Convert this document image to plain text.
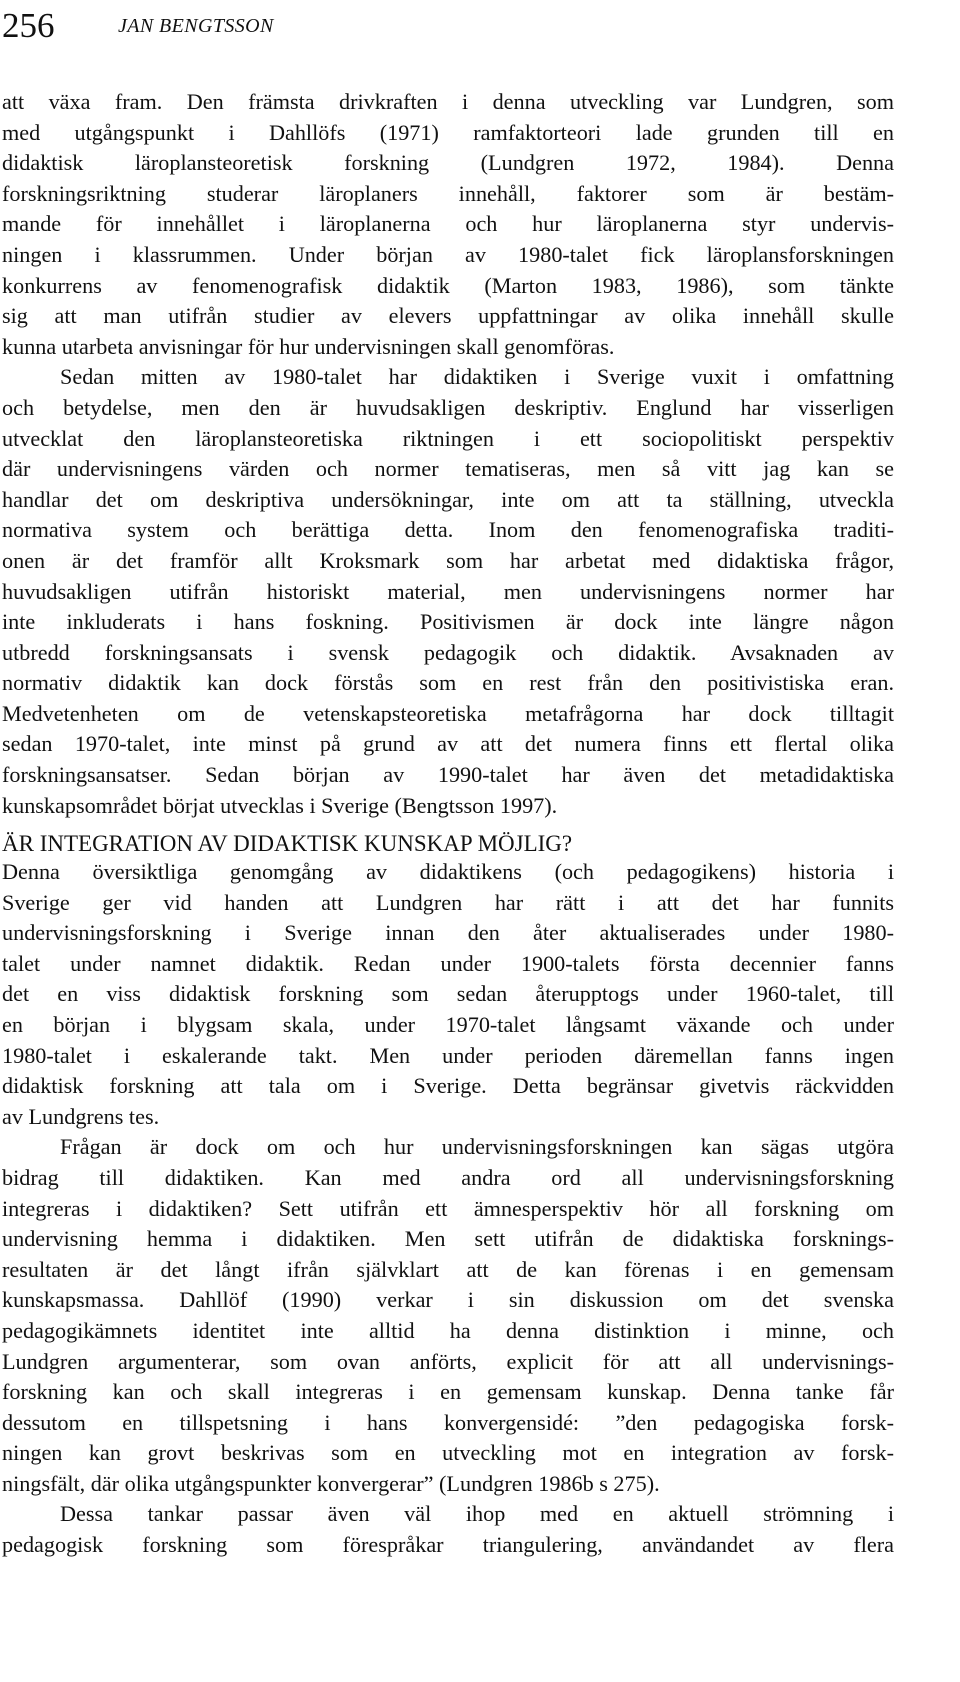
256	JAN BENGTSSON
att växa fram. Den främsta drivkraften i denna utveckling var Lundgren, som
med utgångspunkt i Dahllöfs (1971) ramfaktorteori lade grunden till en
didaktisk läroplansteoretisk forskning (Lundgren 1972, 1984). Denna
forskningsriktning studerar läroplaners innehåll, faktorer som är bestäm-
mande för innehållet i läroplanerna och hur läroplanerna styr undervis-
ningen i klassrummen. Under början av 1980-talet fick läroplansforskningen
konkurrens av fenomenografisk didaktik (Marton 1983, 1986), som tänkte
sig att man utifrån studier av elevers uppfattningar av olika innehåll skulle
kunna utarbeta anvisningar för hur undervisningen skall genomföras.
Sedan mitten av 1980-talet har didaktiken i Sverige vuxit i omfattning
och betydelse, men den är huvudsakligen deskriptiv. Englund har visserligen
utvecklat den läroplansteoretiska riktningen i ett sociopolitiskt perspektiv
där undervisningens värden och normer tematiseras, men så vitt jag kan se
handlar det om deskriptiva undersökningar, inte om att ta ställning, utveckla
normativa system och berättiga detta. Inom den fenomenografiska traditi-
onen är det framför allt Kroksmark som har arbetat med didaktiska frågor,
huvudsakligen utifrån historiskt material, men undervisningens normer har
inte inkluderats i hans foskning. Positivismen är dock inte längre någon
utbredd forskningsansats i svensk pedagogik och didaktik. Avsaknaden av
normativ didaktik kan dock förstås som en rest från den positivistiska eran.
Medvetenheten om de vetenskapsteoretiska metafrågorna har dock tilltagit
sedan 1970-talet, inte minst på grund av att det numera finns ett flertal olika
forskningsansatser. Sedan början av 1990-talet har även det metadidaktiska
kunskapsområdet börjat utvecklas i Sverige (Bengtsson 1997).
ÄR INTEGRATION AV DIDAKTISK KUNSKAP MÖJLIG?
Denna översiktliga genomgång av didaktikens (och pedagogikens) historia i
Sverige ger vid handen att Lundgren har rätt i att det har funnits
undervisningsforskning i Sverige innan den åter aktualiserades under 1980-
talet under namnet didaktik. Redan under 1900-talets första decennier fanns
det en viss didaktisk forskning som sedan återupptogs under 1960-talet, till
en början i blygsam skala, under 1970-talet långsamt växande och under
1980-talet i eskalerande takt. Men under perioden däremellan fanns ingen
didaktisk forskning att tala om i Sverige. Detta begränsar givetvis räckvidden
av Lundgrens tes.
Frågan är dock om och hur undervisningsforskningen kan sägas utgöra
bidrag till didaktiken. Kan med andra ord all undervisningsforskning
integreras i didaktiken? Sett utifrån ett ämnesperspektiv hör all forskning om
undervisning hemma i didaktiken. Men sett utifrån de didaktiska forsknings-
resultaten är det långt ifrån självklart att de kan förenas i en gemensam
kunskapsmassa. Dahllöf (1990) verkar i sin diskussion om det svenska
pedagogikämnets identitet inte alltid ha denna distinktion i minne, och
Lundgren argumenterar, som ovan anförts, explicit för att all undervisnings-
forskning kan och skall integreras i en gemensam kunskap. Denna tanke får
dessutom en tillspetsning i hans konvergensidé: ”den pedagogiska forsk-
ningen kan grovt beskrivas som en utveckling mot en integration av forsk-
ningsfält, där olika utgångspunkter konvergerar” (Lundgren 1986b s 275).
Dessa tankar passar även väl ihop med en aktuell strömning i
pedagogisk forskning som förespråkar triangulering, användandet av flera
